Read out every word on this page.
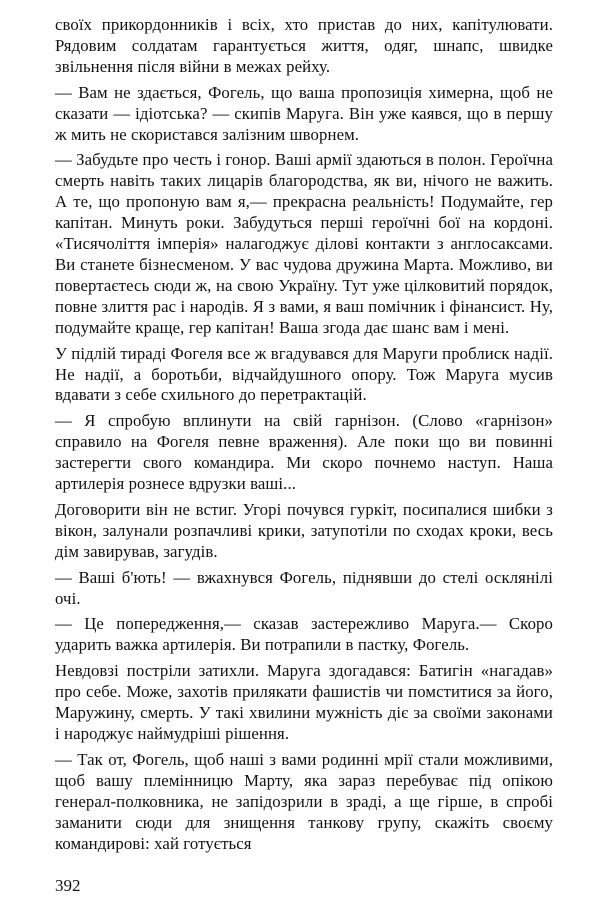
своїх прикордонників і всіх, хто пристав до них, капітулювати. Рядовим солдатам гарантується життя, одяг, шнапс, швидке звільнення після війни в межах рейху.

— Вам не здається, Фогель, що ваша пропозиція химерна, щоб не сказати — ідіотська? — скипів Маруга. Він уже каявся, що в першу ж мить не скористався залізним шворнем.

— Забудьте про честь і гонор. Ваші армії здаються в полон. Героїчна смерть навіть таких лицарів благородства, як ви, нічого не важить. А те, що пропоную вам я,— прекрасна реальність! Подумайте, гер капітан. Минуть роки. Забудуться перші героїчні бої на кордоні. «Тисячоліття імперія» налагоджує ділові контакти з англосаксами. Ви станете бізнесменом. У вас чудова дружина Марта. Можливо, ви повертаєтесь сюди ж, на свою Україну. Тут уже цілковитий порядок, повне злиття рас і народів. Я з вами, я ваш помічник і фінансист. Ну, подумайте краще, гер капітан! Ваша згода дає шанс вам і мені.

У підлій тираді Фогеля все ж вгадувався для Маруги проблиск надії. Не надії, а боротьби, відчайдушного опору. Тож Маруга мусив вдавати з себе схильного до перетрактацій.

— Я спробую вплинути на свій гарнізон. (Слово «гарнізон» справило на Фогеля певне враження). Але поки що ви повинні застерегти свого командира. Ми скоро почнемо наступ. Наша артилерія рознесе вдрузки ваші...

Договорити він не встиг. Угорі почувся гуркіт, посипалися шибки з вікон, залунали розпачливі крики, затупотіли по сходах кроки, весь дім завирував, загудів.

— Ваші б'ють! — вжахнувся Фогель, піднявши до стелі осклянілі очі.

— Це попередження,— сказав застережливо Маруга.— Скоро ударить важка артилерія. Ви потрапили в пастку, Фогель.

Невдовзі постріли затихли. Маруга здогадався: Батигін «нагадав» про себе. Може, захотів прилякати фашистів чи помститися за його, Маружину, смерть. У такі хвилини мужність діє за своїми законами і народжує наймудріші рішення.

— Так от, Фогель, щоб наші з вами родинні мрії стали можливими, щоб вашу племінницю Марту, яка зараз перебуває під опікою генерал-полковника, не запідозрили в зраді, а ще гірше, в спробі заманити сюди для знищення танкову групу, скажіть своєму командирові: хай готується

392
